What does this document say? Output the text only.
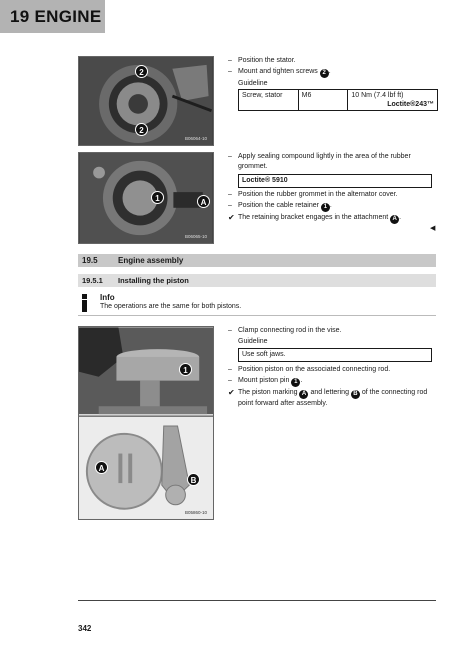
19 ENGINE
2
2
B06064-10
1	A
B06065-10
– Position the stator.
– Mount and tighten screws 2 .
Guideline
Screw, stator	M6	10 Nm (7.4 lbf ft)
Loctite®243™
– Apply sealing compound lightly in the area of the rubber grommet.
Loctite® 5910
– Position the rubber grommet in the alternator cover.
– Position the cable retainer 1 .
✔ The retaining bracket engages in the attachment A .
◀
19.5	Engine assembly
19.5.1 Installing the piston
Info
The operations are the same for both pistons.
1
A
B
B05860-10
– Clamp connecting rod in the vise.
Guideline
Use soft jaws.
– Position piston on the associated connecting rod.
– Mount piston pin 1 .
✔ The piston marking A and lettering B of the connecting rod point forward after assembly.
342
